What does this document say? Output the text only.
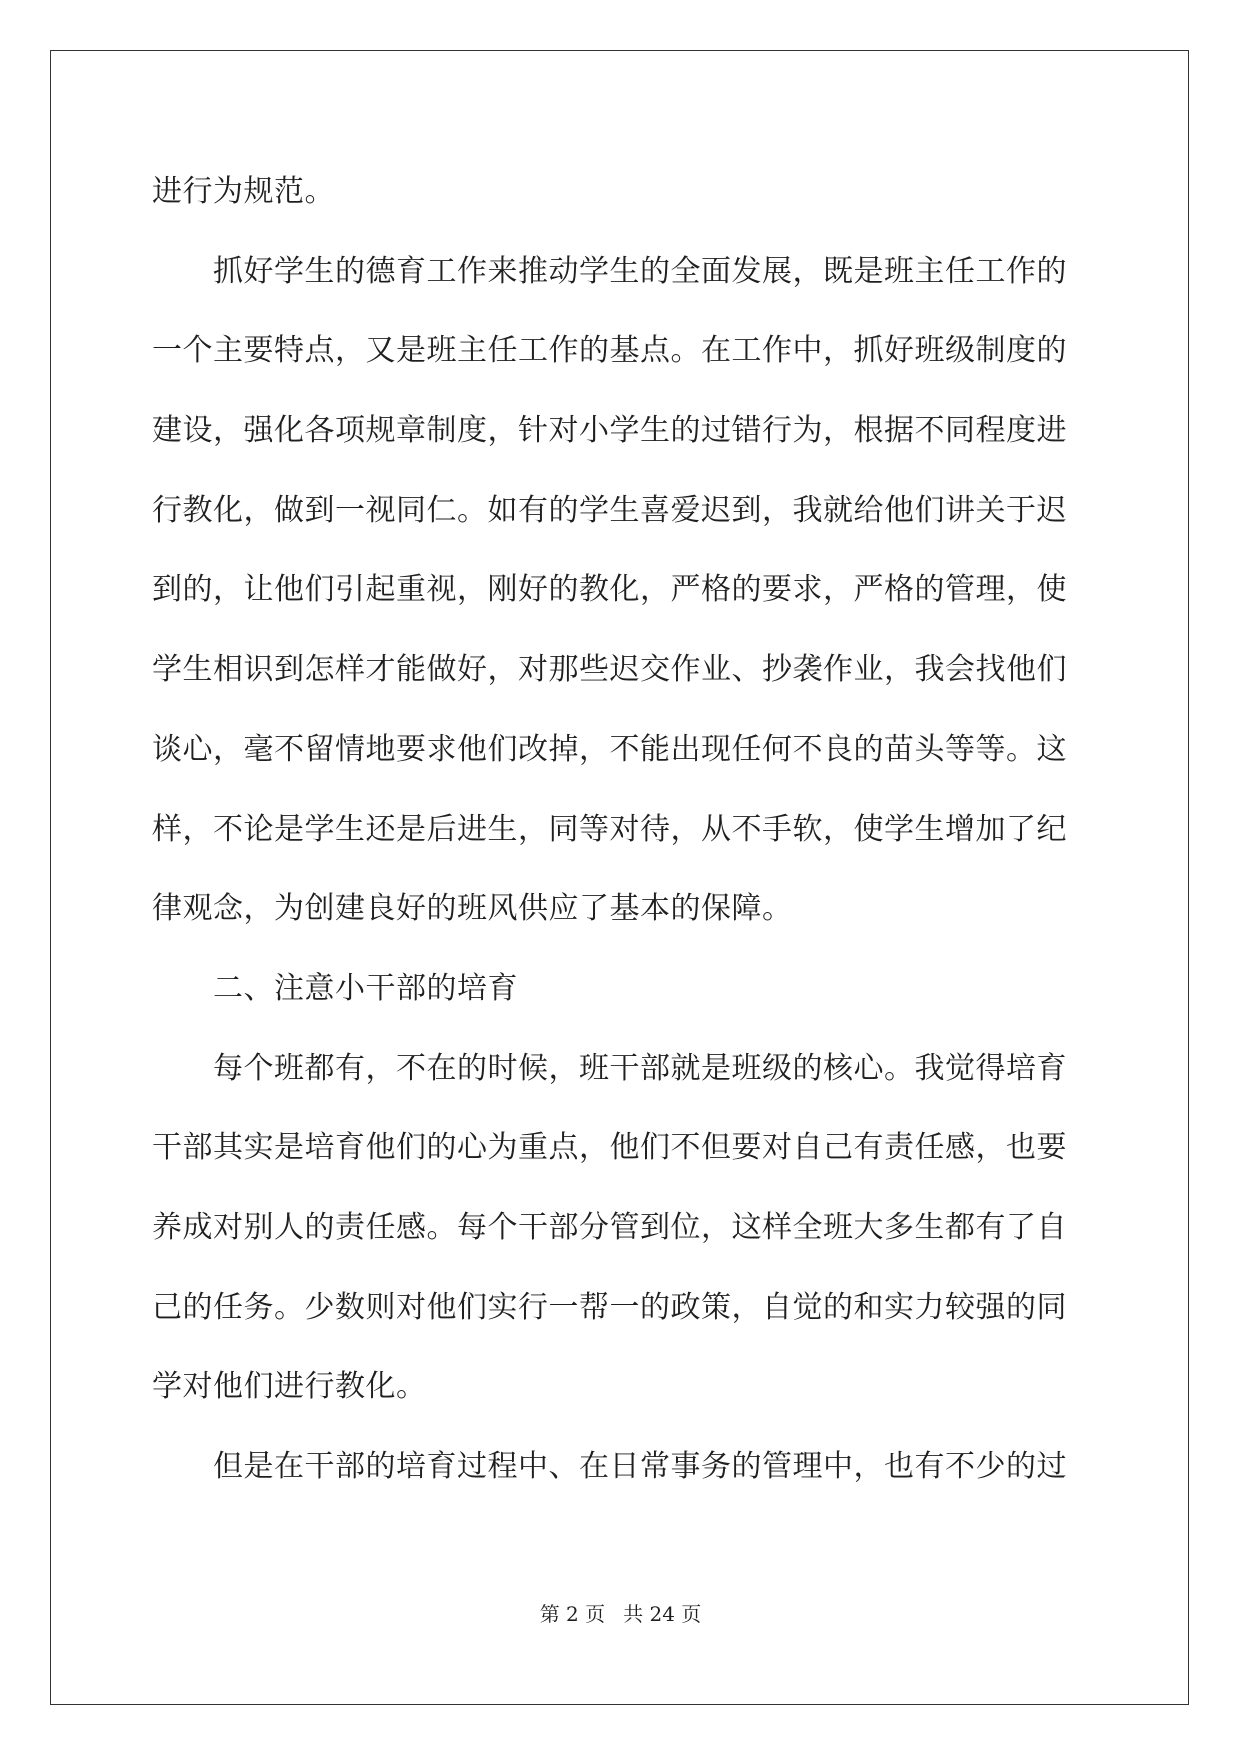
进行为规范。
　　抓好学生的德育工作来推动学生的全面发展，既是班主任工作的
一个主要特点，又是班主任工作的基点。在工作中，抓好班级制度的
建设，强化各项规章制度，针对小学生的过错行为，根据不同程度进
行教化，做到一视同仁。如有的学生喜爱迟到，我就给他们讲关于迟
到的，让他们引起重视，刚好的教化，严格的要求，严格的管理，使
学生相识到怎样才能做好，对那些迟交作业、抄袭作业，我会找他们
谈心，毫不留情地要求他们改掉，不能出现任何不良的苗头等等。这
样，不论是学生还是后进生，同等对待，从不手软，使学生增加了纪
律观念，为创建良好的班风供应了基本的保障。
　　二、注意小干部的培育
　　每个班都有，不在的时候，班干部就是班级的核心。我觉得培育
干部其实是培育他们的心为重点，他们不但要对自己有责任感，也要
养成对别人的责任感。每个干部分管到位，这样全班大多生都有了自
己的任务。少数则对他们实行一帮一的政策，自觉的和实力较强的同
学对他们进行教化。
　　但是在干部的培育过程中、在日常事务的管理中，也有不少的过
第 2 页 共 24 页
